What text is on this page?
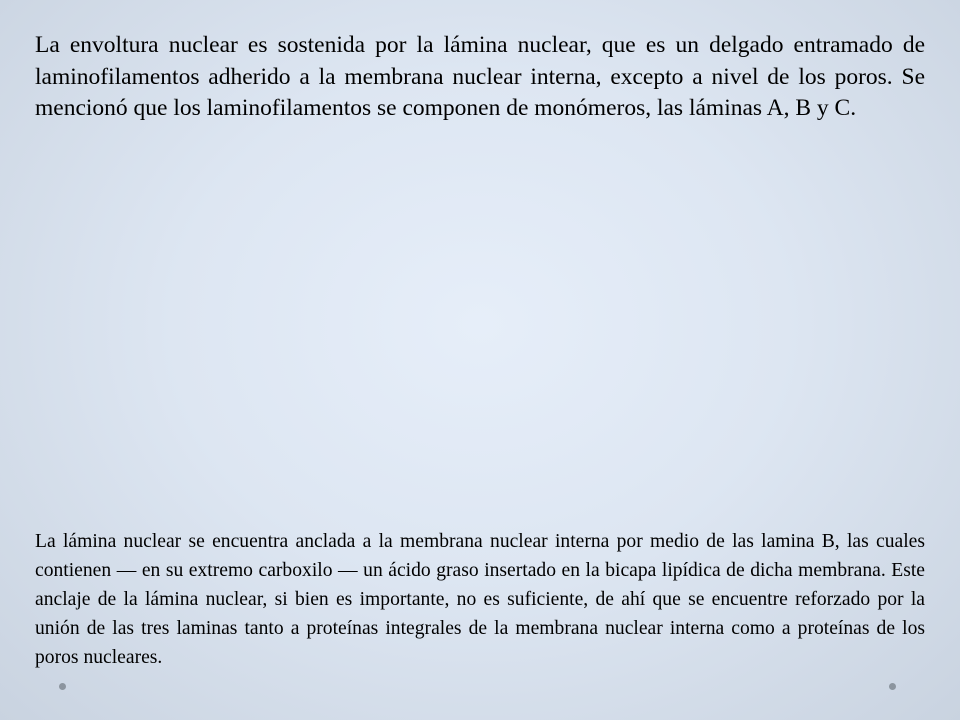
La envoltura nuclear es sostenida por la lámina nuclear, que es un delgado entramado de laminofilamentos adherido a la membrana nuclear interna, excepto a nivel de los poros. Se mencionó que los laminofilamentos se componen de monómeros, las láminas A, B y C.

La lámina nuclear se encuentra anclada a la membrana nuclear interna por medio de las lamina B, las cuales contienen — en su extremo carboxilo — un ácido graso insertado en la bicapa lipídica de dicha membrana. Este anclaje de la lámina nuclear, si bien es importante, no es suficiente, de ahí que se encuentre reforzado por la unión de las tres laminas tanto a proteínas integrales de la membrana nuclear interna como a proteínas de los poros nucleares.
